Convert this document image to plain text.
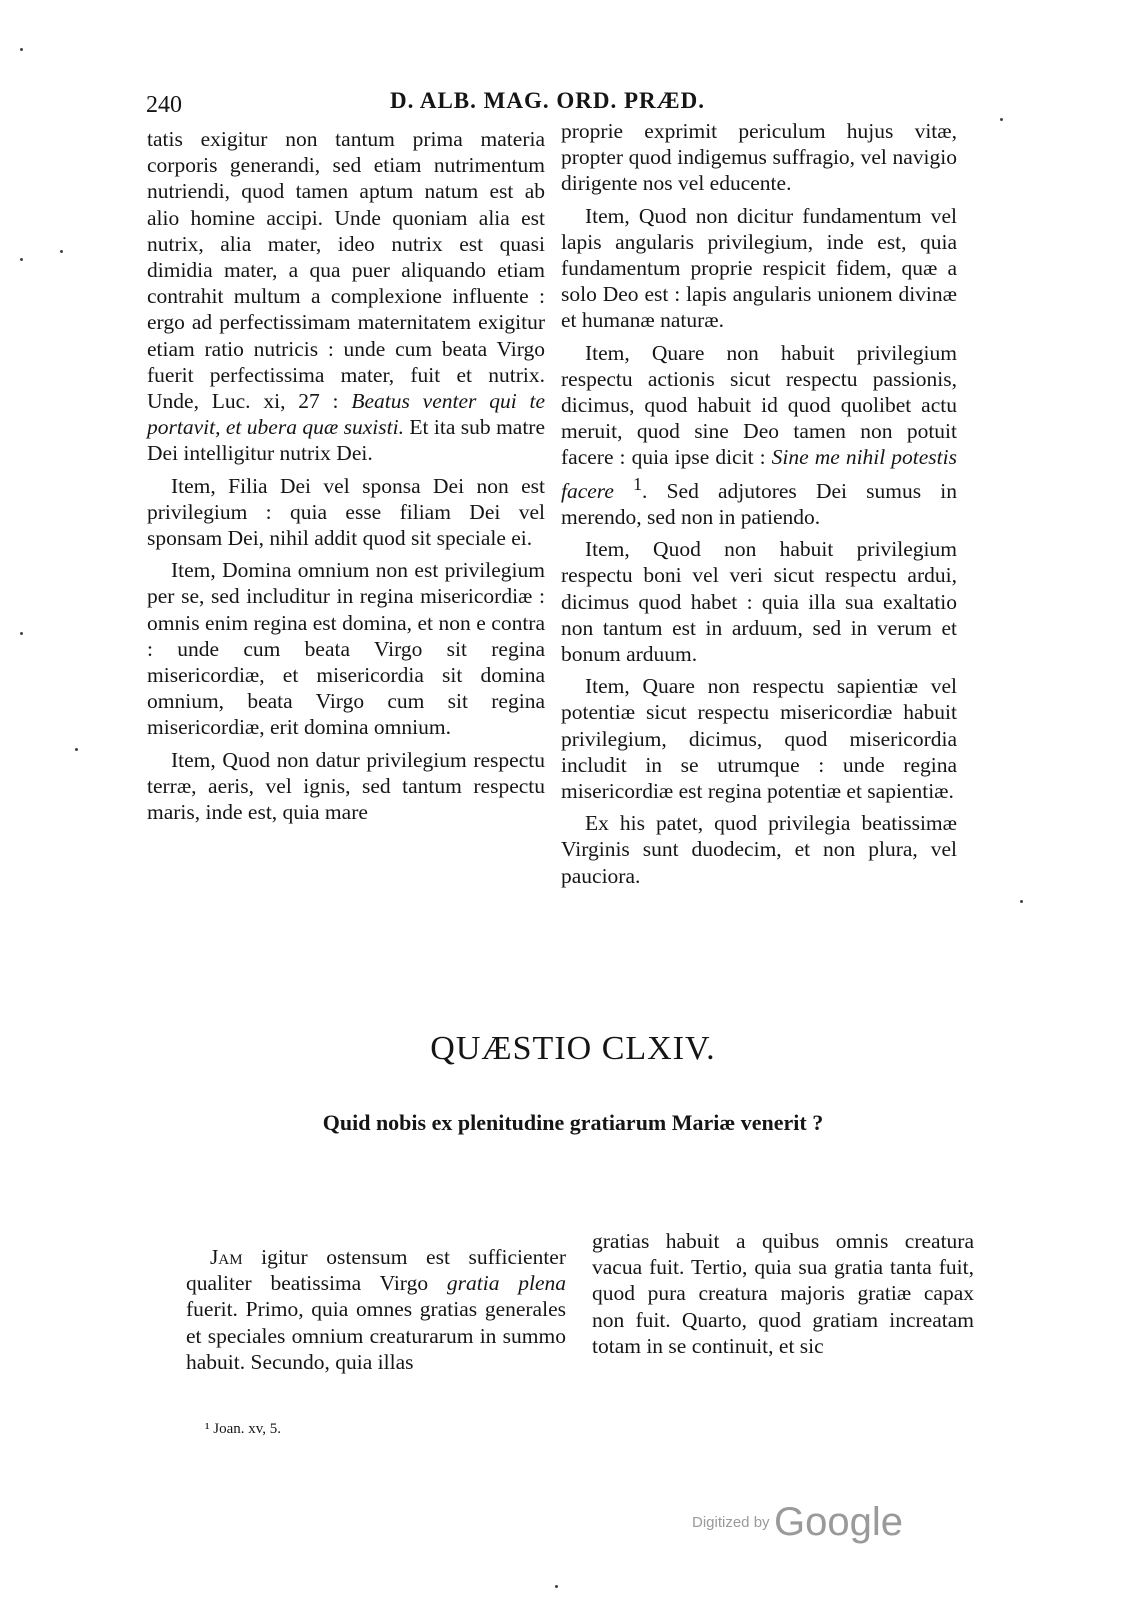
240	D. ALB. MAG. ORD. PRÆD.

tatis exigitur non tantum prima materia corporis generandi, sed etiam nutrimentum nutriendi, quod tamen aptum natum est ab alio homine accipi. Unde quoniam alia est nutrix, alia mater, ideo nutrix est quasi dimidia mater, a qua puer aliquando etiam contrahit multum a complexione influente : ergo ad perfectissimam maternitatem exigitur etiam ratio nutricis : unde cum beata Virgo fuerit perfectissima mater, fuit et nutrix. Unde, Luc. xi, 27 : Beatus venter qui te portavit, et ubera quæ suxisti. Et ita sub matre Dei intelligitur nutrix Dei.

Item, Filia Dei vel sponsa Dei non est privilegium : quia esse filiam Dei vel sponsam Dei, nihil addit quod sit speciale ei.

Item, Domina omnium non est privilegium per se, sed includitur in regina misericordiæ : omnis enim regina est domina, et non e contra : unde cum beata Virgo sit regina misericordiæ, et misericordia sit domina omnium, beata Virgo cum sit regina misericordiæ, erit domina omnium.

Item, Quod non datur privilegium respectu terræ, aeris, vel ignis, sed tantum respectu maris, inde est, quia mare

proprie exprimit periculum hujus vitæ, propter quod indigemus suffragio, vel navigio dirigente nos vel educente.

Item, Quod non dicitur fundamentum vel lapis angularis privilegium, inde est, quia fundamentum proprie respicit fidem, quæ a solo Deo est : lapis angularis unionem divinæ et humanæ naturæ.

Item, Quare non habuit privilegium respectu actionis sicut respectu passionis, dicimus, quod habuit id quod quolibet actu meruit, quod sine Deo tamen non potuit facere : quia ipse dicit : Sine me nihil potestis facere $^1$. Sed adjutores Dei sumus in merendo, sed non in patiendo.

Item, Quod non habuit privilegium respectu boni vel veri sicut respectu ardui, dicimus quod habet : quia illa sua exaltatio non tantum est in arduum, sed in verum et bonum arduum.

Item, Quare non respectu sapientiæ vel potentiæ sicut respectu misericordiæ habuit privilegium, dicimus, quod misericordia includit in se utrumque : unde regina misericordiæ est regina potentiæ et sapientiæ.

Ex his patet, quod privilegia beatissimæ Virginis sunt duodecim, et non plura, vel pauciora.

QUÆSTIO CLXIV.
Quid nobis ex plenitudine gratiarum Mariæ venerit ?

Jam igitur ostensum est sufficienter qualiter beatissima Virgo gratia plena fuerit. Primo, quia omnes gratias generales et speciales omnium creaturarum in summo habuit. Secundo, quia illas

gratias habuit a quibus omnis creatura vacua fuit. Tertio, quia sua gratia tanta fuit, quod pura creatura majoris gratiæ capax non fuit. Quarto, quod gratiam increatam totam in se continuit, et sic

¹ Joan. xv, 5.
Digitized by Google
